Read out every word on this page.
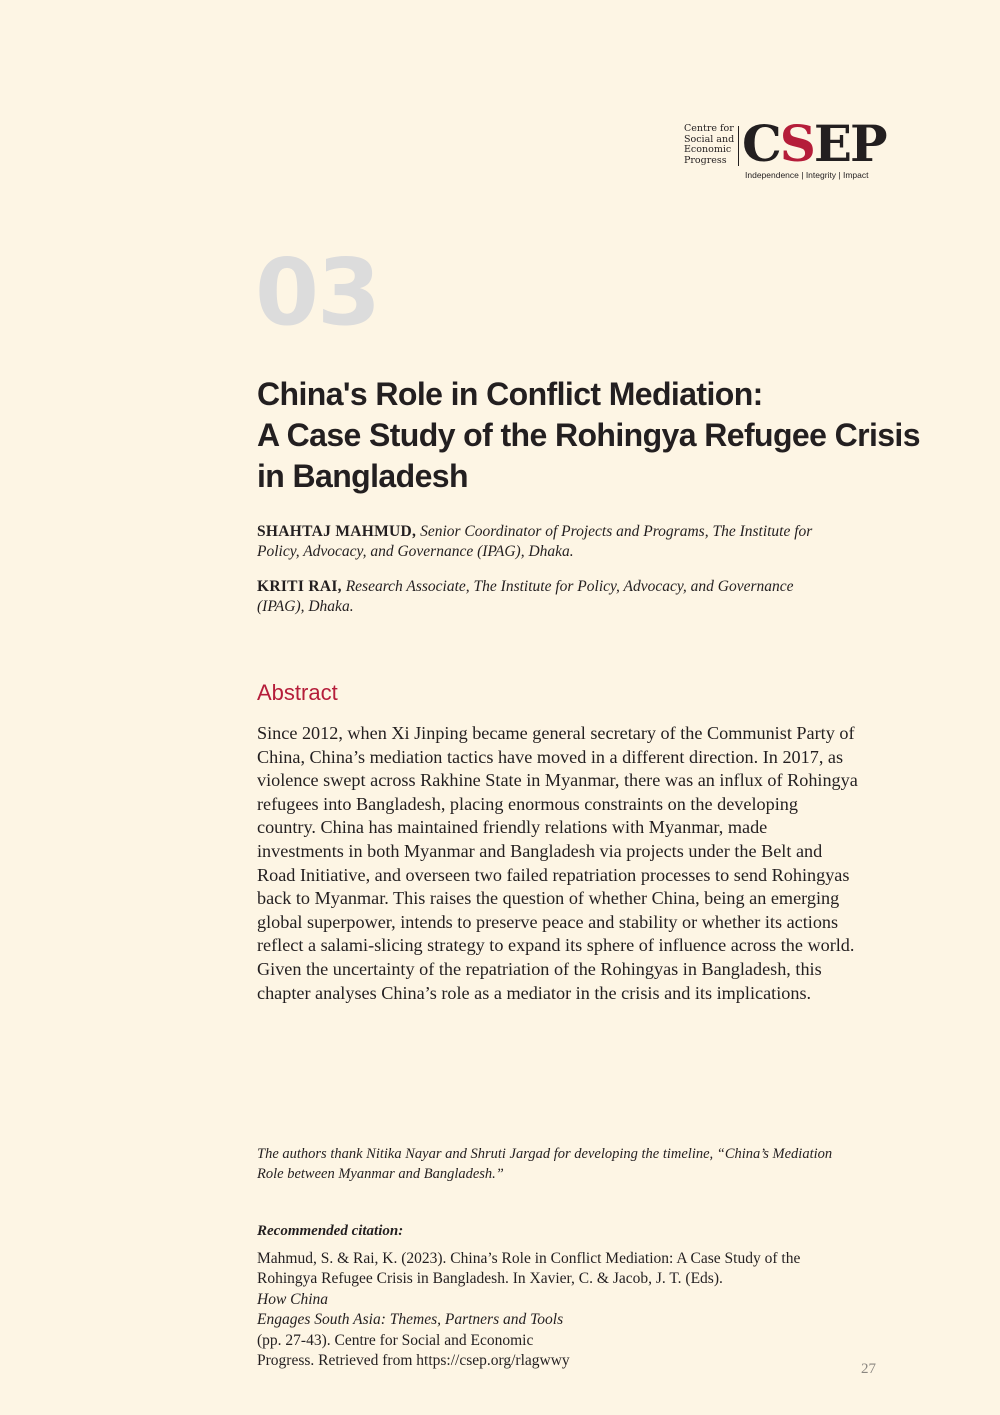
Centre for
Social and
Economic
Progress CSEP
Independence | Integrity | Impact
03
China's Role in Conflict Mediation:
A Case Study of the Rohingya Refugee Crisis
in Bangladesh

SHAHTAJ MAHMUD, Senior Coordinator of Projects and Programs, The Institute for
Policy, Advocacy, and Governance (IPAG), Dhaka.

KRITI RAI, Research Associate, The Institute for Policy, Advocacy, and Governance
(IPAG), Dhaka.

Abstract

Since 2012, when Xi Jinping became general secretary of the Communist Party of
China, China’s mediation tactics have moved in a different direction. In 2017, as
violence swept across Rakhine State in Myanmar, there was an influx of Rohingya
refugees into Bangladesh, placing enormous constraints on the developing
country. China has maintained friendly relations with Myanmar, made
investments in both Myanmar and Bangladesh via projects under the Belt and
Road Initiative, and overseen two failed repatriation processes to send Rohingyas
back to Myanmar. This raises the question of whether China, being an emerging
global superpower, intends to preserve peace and stability or whether its actions
reflect a salami-slicing strategy to expand its sphere of influence across the world.
Given the uncertainty of the repatriation of the Rohingyas in Bangladesh, this
chapter analyses China’s role as a mediator in the crisis and its implications.

The authors thank Nitika Nayar and Shruti Jargad for developing the timeline, “China’s Mediation
Role between Myanmar and Bangladesh.”

Recommended citation:

Mahmud, S. & Rai, K. (2023). China’s Role in Conflict Mediation: A Case Study of the
Rohingya Refugee Crisis in Bangladesh. In Xavier, C. & Jacob, J. T. (Eds).
How China
Engages South Asia: Themes, Partners and Tools
(pp. 27-43). Centre for Social and Economic
Progress. Retrieved from https://csep.org/rlagwwy	27
